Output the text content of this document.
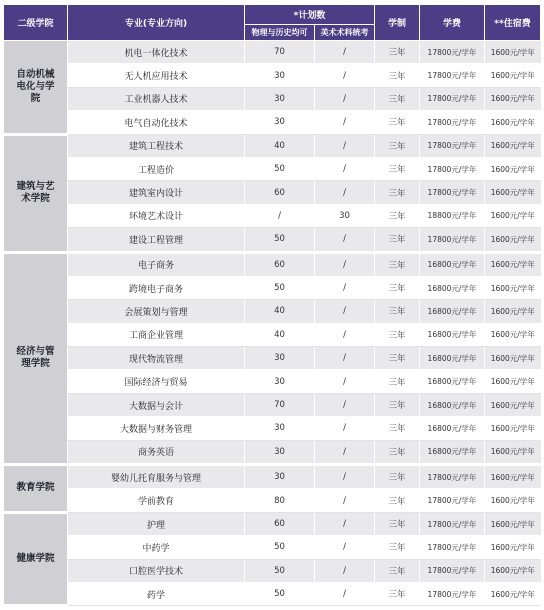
二级学院	专业(专业方向)	*计划数		学制	学费	**住宿费
		物理与历史均可	美术术科统考			
自动机械电化与学院	机电一体化技术	70	/	三年	17800元/学年	1600元/学年
	无人机应用技术	30	/	三年	17800元/学年	1600元/学年
	工业机器人技术	30	/	三年	17800元/学年	1600元/学年
	电气自动化技术	30	/	三年	17800元/学年	1600元/学年
建筑与艺术学院	建筑工程技术	40	/	三年	17800元/学年	1600元/学年
	工程造价	50	/	三年	17800元/学年	1600元/学年
	建筑室内设计	60	/	三年	17800元/学年	1600元/学年
	环境艺术设计	/	30	三年	18800元/学年	1600元/学年
	建设工程管理	50	/	三年	17800元/学年	1600元/学年
经济与管理学院	电子商务	60	/	三年	16800元/学年	1600元/学年
	跨境电子商务	50	/	三年	16800元/学年	1600元/学年
	会展策划与管理	40	/	三年	16800元/学年	1600元/学年
	工商企业管理	40	/	三年	16800元/学年	1600元/学年
	现代物流管理	30	/	三年	16800元/学年	1600元/学年
	国际经济与贸易	30	/	三年	16800元/学年	1600元/学年
	大数据与会计	70	/	三年	16800元/学年	1600元/学年
	大数据与财务管理	30	/	三年	16800元/学年	1600元/学年
	商务英语	30	/	三年	16800元/学年	1600元/学年
教育学院	婴幼儿托育服务与管理	30	/	三年	17800元/学年	1600元/学年
	学前教育	80	/	三年	17800元/学年	1600元/学年
健康学院	护理	60	/	三年	17800元/学年	1600元/学年
	中药学	50	/	三年	17800元/学年	1600元/学年
	口腔医学技术	50	/	三年	17800元/学年	1600元/学年
	药学	50	/	三年	17800元/学年	1600元/学年
